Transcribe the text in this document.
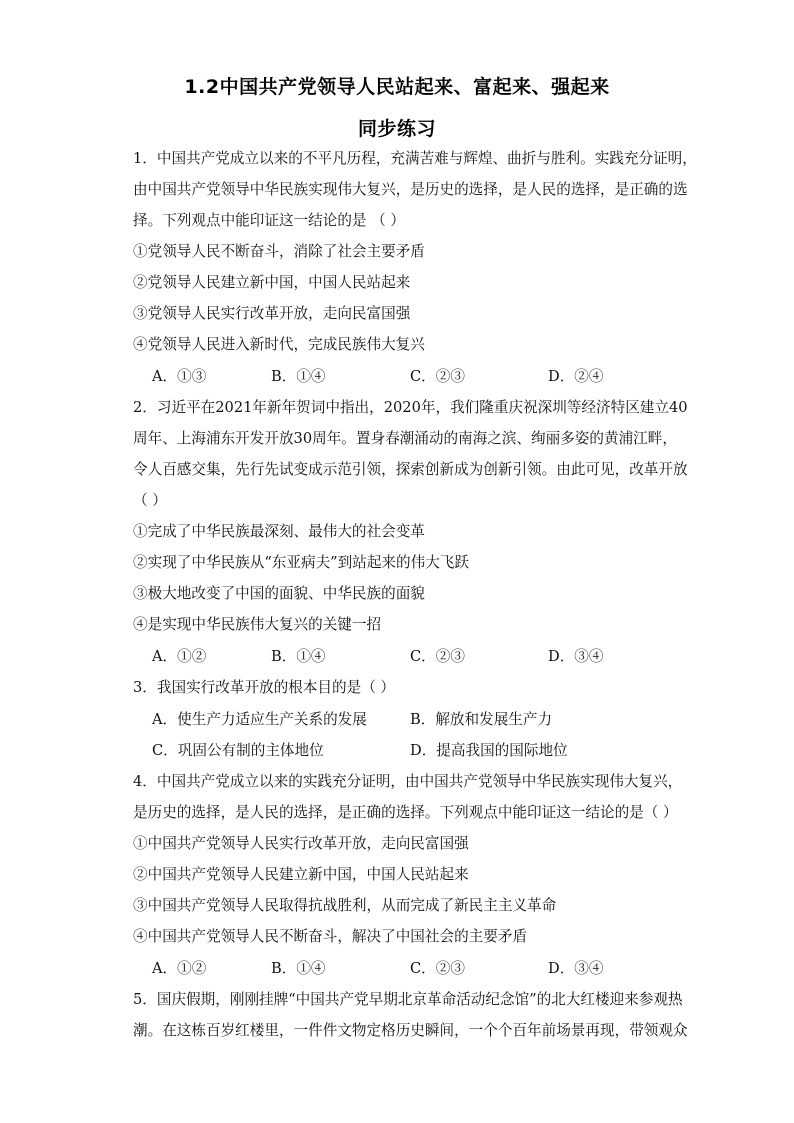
1.2中国共产党领导人民站起来、富起来、强起来
同步练习
1．中国共产党成立以来的不平凡历程，充满苦难与辉煌、曲折与胜利。实践充分证明，
由中国共产党领导中华民族实现伟大复兴，是历史的选择，是人民的选择，是正确的选
择。下列观点中能印证这一结论的是 （ ）
①党领导人民不断奋斗，消除了社会主要矛盾
②党领导人民建立新中国，中国人民站起来
③党领导人民实行改革开放，走向民富国强
④党领导人民进入新时代，完成民族伟大复兴
A．①③	B．①④	C．②③	D．②④
2．习近平在2021年新年贺词中指出，2020年，我们隆重庆祝深圳等经济特区建立40
周年、上海浦东开发开放30周年。置身春潮涌动的南海之滨、绚丽多姿的黄浦江畔，
令人百感交集，先行先试变成示范引领，探索创新成为创新引领。由此可见，改革开放
（ ）
①完成了中华民族最深刻、最伟大的社会变革
②实现了中华民族从“东亚病夫”到站起来的伟大飞跃
③极大地改变了中国的面貌、中华民族的面貌
④是实现中华民族伟大复兴的关键一招
A．①②	B．①④	C．②③	D．③④
3．我国实行改革开放的根本目的是（ ）
A．使生产力适应生产关系的发展	B．解放和发展生产力
C．巩固公有制的主体地位	D．提高我国的国际地位
4．中国共产党成立以来的实践充分证明，由中国共产党领导中华民族实现伟大复兴，
是历史的选择，是人民的选择，是正确的选择。下列观点中能印证这一结论的是（ ）
①中国共产党领导人民实行改革开放，走向民富国强
②中国共产党领导人民建立新中国，中国人民站起来
③中国共产党领导人民取得抗战胜利，从而完成了新民主主义革命
④中国共产党领导人民不断奋斗，解决了中国社会的主要矛盾
A．①②	B．①④	C．②③	D．③④
5．国庆假期，刚刚挂牌“中国共产党早期北京革命活动纪念馆”的北大红楼迎来参观热
潮。在这栋百岁红楼里，一件件文物定格历史瞬间，一个个百年前场景再现，带领观众
